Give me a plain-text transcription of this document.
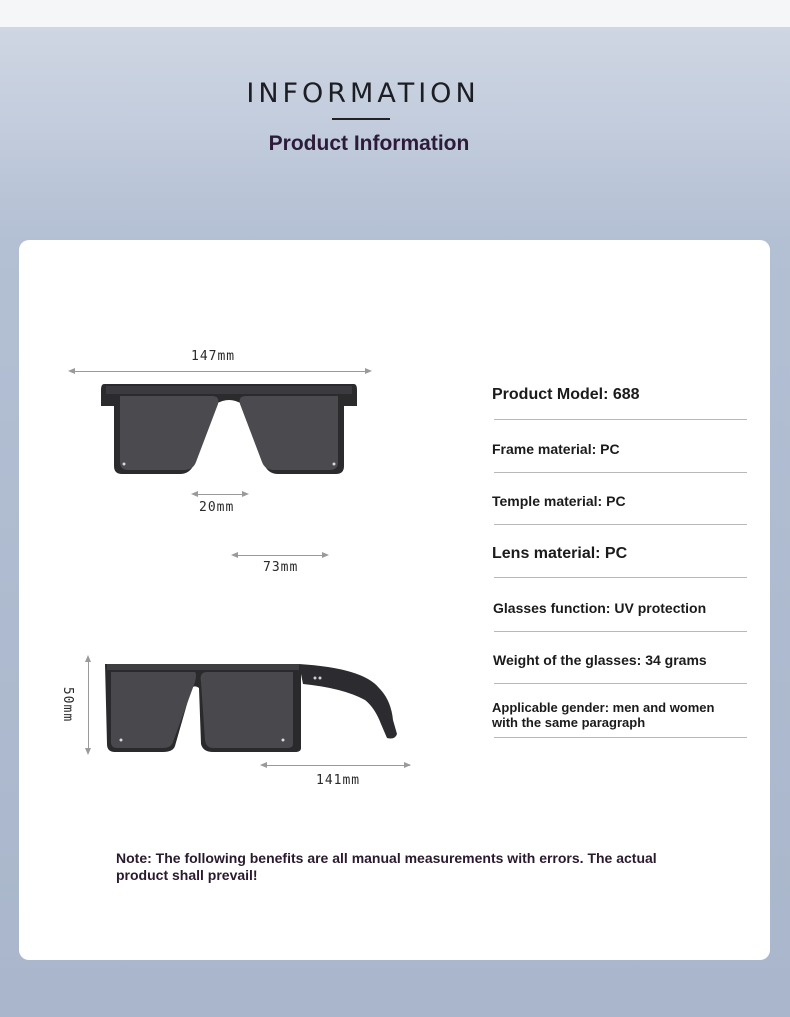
INFORMATION
Product Information
147mm
20mm
73mm
50mm
141mm
Product Model: 688
Frame material: PC
Temple material: PC
Lens material: PC
Glasses function: UV protection
Weight of the glasses: 34 grams
Applicable gender: men and women with the same paragraph
Note: The following benefits are all manual measurements with errors. The actual product shall prevail!
